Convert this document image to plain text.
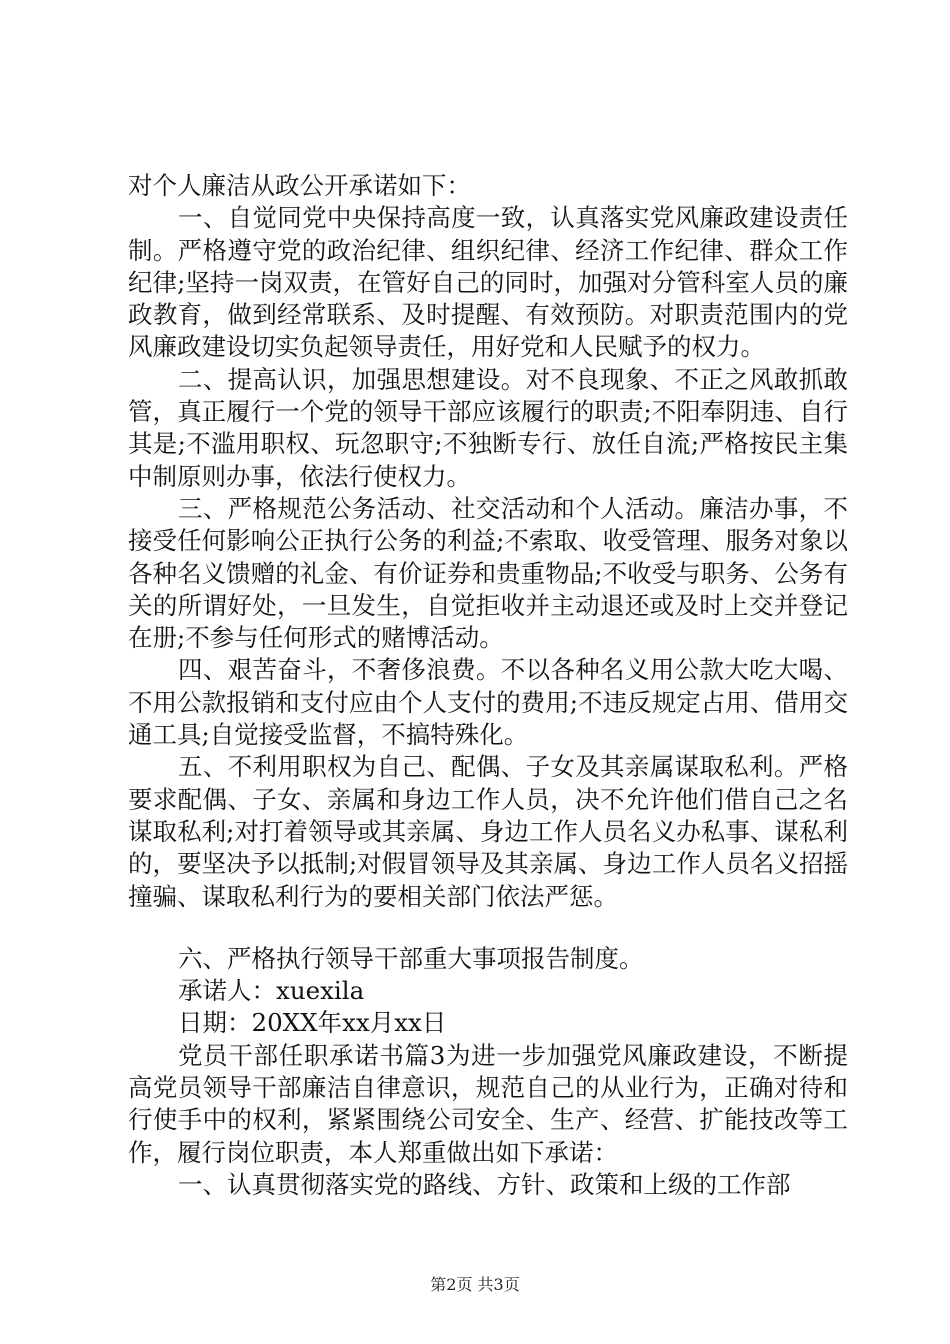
对个人廉洁从政公开承诺如下：

一、自觉同党中央保持高度一致，认真落实党风廉政建设责任制。严格遵守党的政治纪律、组织纪律、经济工作纪律、群众工作纪律;坚持一岗双责，在管好自己的同时，加强对分管科室人员的廉政教育，做到经常联系、及时提醒、有效预防。对职责范围内的党风廉政建设切实负起领导责任，用好党和人民赋予的权力。

二、提高认识，加强思想建设。对不良现象、不正之风敢抓敢管，真正履行一个党的领导干部应该履行的职责;不阳奉阴违、自行其是;不滥用职权、玩忽职守;不独断专行、放任自流;严格按民主集中制原则办事，依法行使权力。

三、严格规范公务活动、社交活动和个人活动。廉洁办事，不接受任何影响公正执行公务的利益;不索取、收受管理、服务对象以各种名义馈赠的礼金、有价证券和贵重物品;不收受与职务、公务有关的所谓好处，一旦发生，自觉拒收并主动退还或及时上交并登记在册;不参与任何形式的赌博活动。

四、艰苦奋斗，不奢侈浪费。不以各种名义用公款大吃大喝、不用公款报销和支付应由个人支付的费用;不违反规定占用、借用交通工具;自觉接受监督，不搞特殊化。

五、不利用职权为自己、配偶、子女及其亲属谋取私利。严格要求配偶、子女、亲属和身边工作人员，决不允许他们借自己之名谋取私利;对打着领导或其亲属、身边工作人员名义办私事、谋私利的，要坚决予以抵制;对假冒领导及其亲属、身边工作人员名义招摇撞骗、谋取私利行为的要相关部门依法严惩。

六、严格执行领导干部重大事项报告制度。

承诺人：xuexila

日期：20XX年xx月xx日

党员干部任职承诺书篇3为进一步加强党风廉政建设，不断提高党员领导干部廉洁自律意识，规范自己的从业行为，正确对待和行使手中的权利，紧紧围绕公司安全、生产、经营、扩能技改等工作，履行岗位职责，本人郑重做出如下承诺：

一、认真贯彻落实党的路线、方针、政策和上级的工作部

第2页 共3页
